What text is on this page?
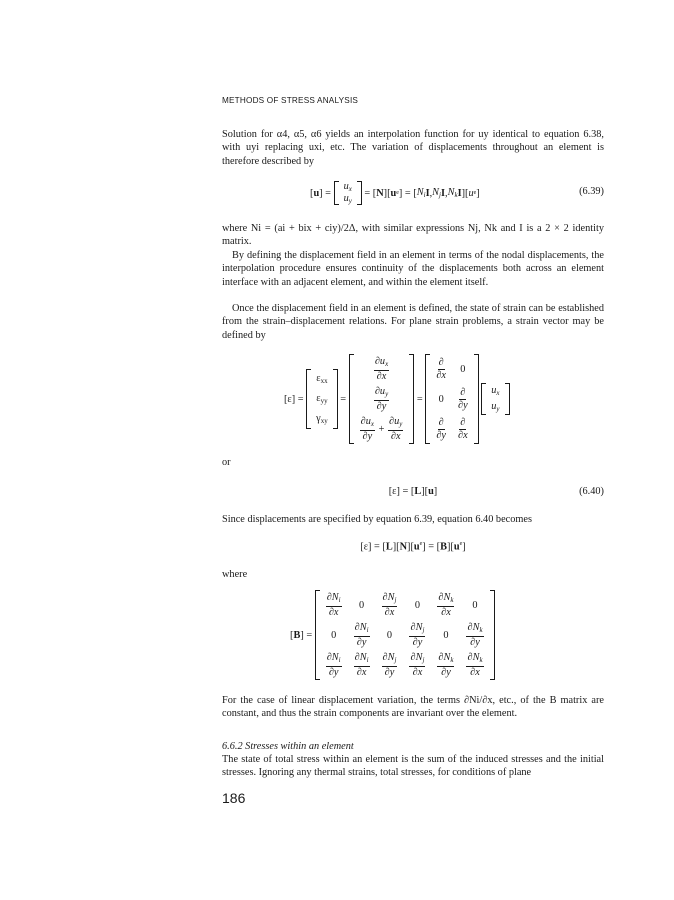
METHODS OF STRESS ANALYSIS

Solution for α4, α5, α6 yields an interpolation function for uy identical to equation 6.38, with uyi replacing uxi, etc. The variation of displacements throughout an element is therefore described by

[ u ] =
$u_x$
$u_y$
= [ N ][ u e ] = [ $N_i$ I , $N_j$ I , $N_k$ I ][ u e ]	(6.39)

where Ni = (ai + bix + ciy)/2Δ, with similar expressions Nj, Nk and I is a 2 × 2 identity matrix.

By defining the displacement field in an element in terms of the nodal displacements, the interpolation procedure ensures continuity of the displacements both across an element interface with an adjacent element, and within the element itself.

Once the displacement field in an element is defined, the state of strain can be established from the strain–displacement relations. For plane strain problems, a strain vector may be defined by

[ε] =
$\varepsilon_{xx}$
$\varepsilon_{yy}$
$\gamma_{xy}$
=
$\frac{\partial u_x}{\partial x}$

$\frac{\partial u_y}{\partial y}$

$\frac{\partial u_x}{\partial y} + \frac{\partial u_y}{\partial x}$
=
$\frac{\partial}{\partial x}$	0
0	$\frac{\partial}{\partial y}$

$\frac{\partial}{\partial y}$	$\frac{\partial}{\partial x}$

$u_x$
$u_y$

or

[ε] = [L][u]	(6.40)

Since displacements are specified by equation 6.39, equation 6.40 becomes

$[\varepsilon] = [L][N][u^e] = [B][u^e]$

where

[ B ] =
$\frac{\partial N_i}{\partial x}$	0	$\frac{\partial N_j}{\partial x}$	0	$\frac{\partial N_k}{\partial x}$	0
0	$\frac{\partial N_i}{\partial y}$	0	$\frac{\partial N_j}{\partial y}$	0	$\frac{\partial N_k}{\partial y}$

$\frac{\partial N_i}{\partial y}$	$\frac{\partial N_i}{\partial x}$	$\frac{\partial N_j}{\partial y}$	$\frac{\partial N_j}{\partial x}$	$\frac{\partial N_k}{\partial y}$	$\frac{\partial N_k}{\partial x}$

For the case of linear displacement variation, the terms ∂Ni/∂x, etc., of the B matrix are constant, and thus the strain components are invariant over the element.

6.6.2 Stresses within an element

The state of total stress within an element is the sum of the induced stresses and the initial stresses. Ignoring any thermal strains, total stresses, for conditions of plane

186
